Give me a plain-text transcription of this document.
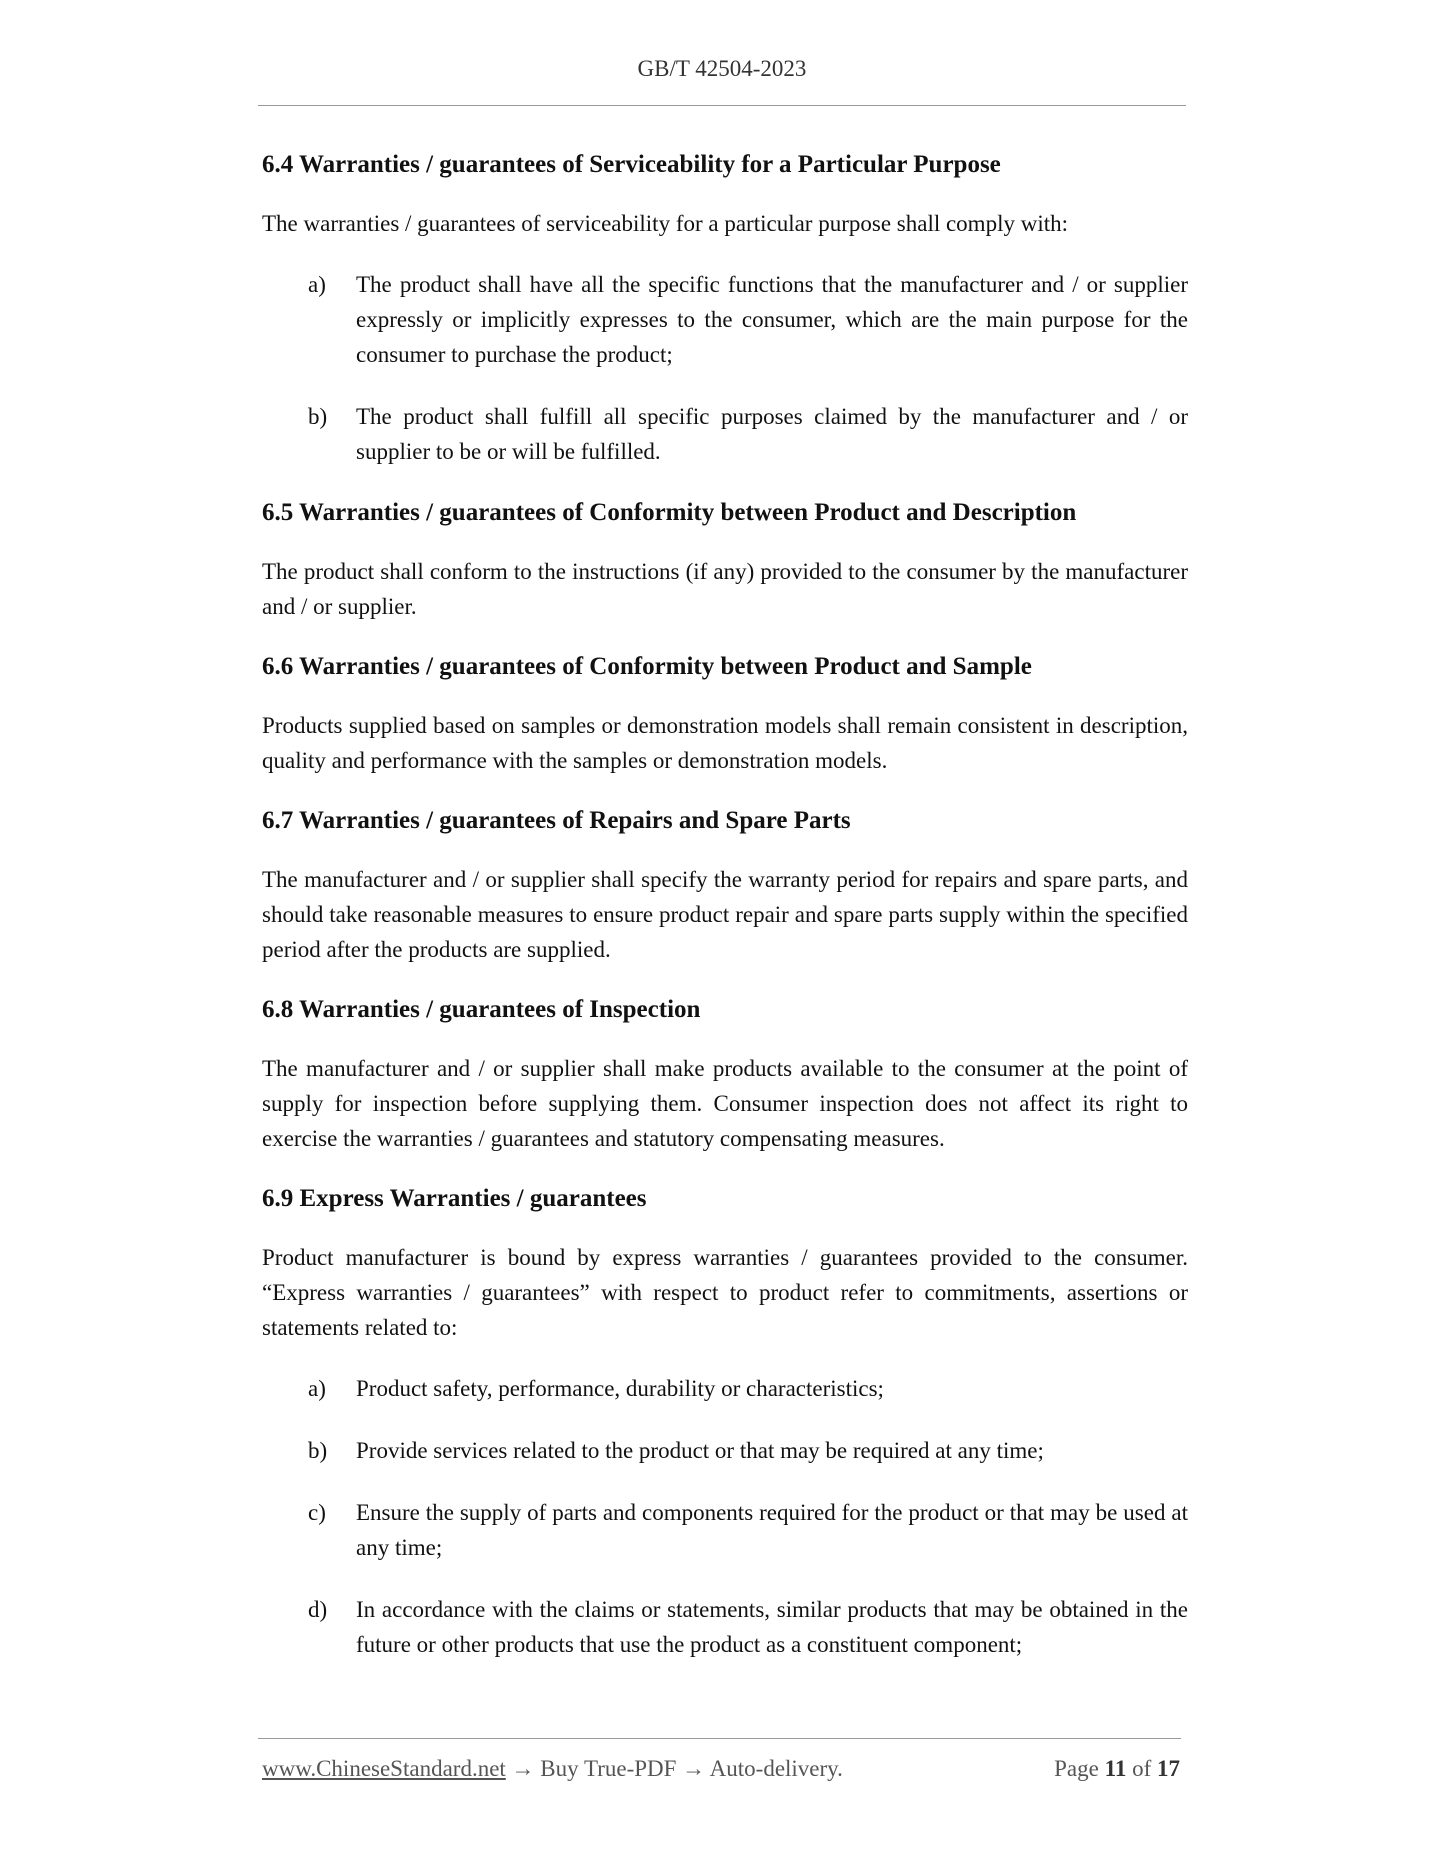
GB/T 42504-2023
6.4 Warranties / guarantees of Serviceability for a Particular Purpose

The warranties / guarantees of serviceability for a particular purpose shall comply with:

a)	The product shall have all the specific functions that the manufacturer and / or supplier expressly or implicitly expresses to the consumer, which are the main purpose for the consumer to purchase the product;
b)	The product shall fulfill all specific purposes claimed by the manufacturer and / or supplier to be or will be fulfilled.
6.5 Warranties / guarantees of Conformity between Product and Description

The product shall conform to the instructions (if any) provided to the consumer by the manufacturer and / or supplier.

6.6 Warranties / guarantees of Conformity between Product and Sample

Products supplied based on samples or demonstration models shall remain consistent in description, quality and performance with the samples or demonstration models.

6.7 Warranties / guarantees of Repairs and Spare Parts

The manufacturer and / or supplier shall specify the warranty period for repairs and spare parts, and should take reasonable measures to ensure product repair and spare parts supply within the specified period after the products are supplied.

6.8 Warranties / guarantees of Inspection

The manufacturer and / or supplier shall make products available to the consumer at the point of supply for inspection before supplying them. Consumer inspection does not affect its right to exercise the warranties / guarantees and statutory compensating measures.

6.9 Express Warranties / guarantees

Product manufacturer is bound by express warranties / guarantees provided to the consumer. “Express warranties / guarantees” with respect to product refer to commitments, assertions or statements related to:

a)	Product safety, performance, durability or characteristics;
b)	Provide services related to the product or that may be required at any time;
c)	Ensure the supply of parts and components required for the product or that may be used at any time;
d)	In accordance with the claims or statements, similar products that may be obtained in the future or other products that use the product as a constituent component;
www.ChineseStandard.net → Buy True-PDF → Auto-delivery.	Page 11 of 17
